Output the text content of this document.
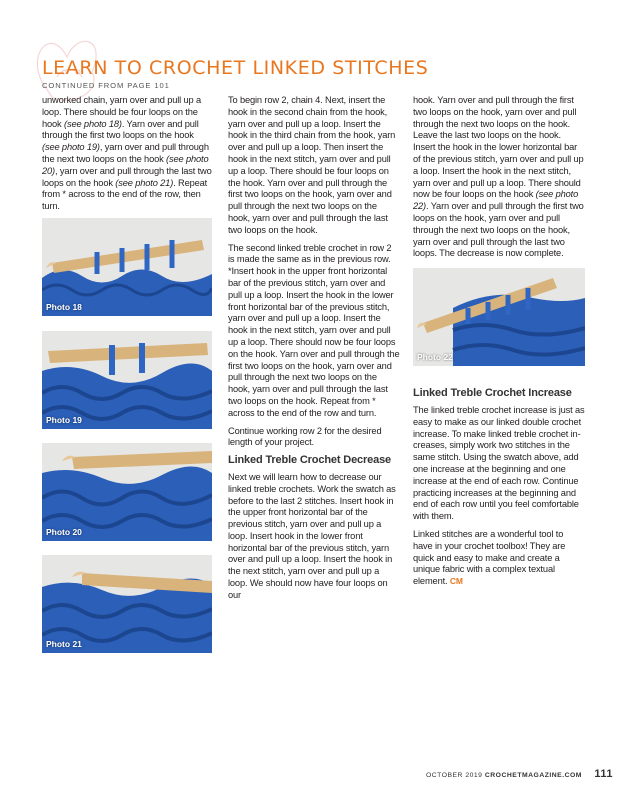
LEARN TO CROCHET LINKED STITCHES
CONTINUED FROM PAGE 101

unworked chain, yarn over and pull up a loop. There should be four loops on the hook (see photo 18). Yarn over and pull through the first two loops on the hook (see photo 19), yarn over and pull through the next two loops on the hook (see photo 20), yarn over and pull through the last two loops on the hook (see photo 21). Repeat from * across to the end of the row, then turn.

To begin row 2, chain 4. Next, insert the hook in the second chain from the hook, yarn over and pull up a loop. Insert the hook in the third chain from the hook, yarn over and pull up a loop. Then insert the hook in the next stitch, yarn over and pull up a loop. There should be four loops on the hook. Yarn over and pull through the first two loops on the hook, yarn over and pull through the next two loops on the hook, yarn over and pull through the last two loops on the hook.

The second linked treble crochet in row 2 is made the same as in the previous row. *Insert hook in the upper front horizontal bar of the previous stitch, yarn over and pull up a loop. Insert the hook in the lower front horizontal bar of the previous stitch, yarn over and pull up a loop. Insert the hook in the next stitch, yarn over and pull up a loop. There should now be four loops on the hook. Yarn over and pull through the first two loops on the hook, yarn over and pull through the next two loops on the hook, yarn over and pull through the last two loops on the hook. Repeat from * across to the end of the row and turn.

Continue working row 2 for the desired length of your project.

Linked Treble Crochet Decrease

Next we will learn how to decrease our linked treble crochets. Work the swatch as before to the last 2 stitches. Insert hook in the upper front horizontal bar of the previous stitch, yarn over and pull up a loop. Insert hook in the lower front horizontal bar of the previous stitch, yarn over and pull up a loop. Insert the hook in the next stitch, yarn over and pull up a loop. We should now have four loops on our

hook. Yarn over and pull through the first two loops on the hook, yarn over and pull through the next two loops on the hook. Leave the last two loops on the hook. Insert the hook in the lower horizontal bar of the previous stitch, yarn over and pull up a loop. Insert the hook in the next stitch, yarn over and pull up a loop. There should now be four loops on the hook (see photo 22). Yarn over and pull through the first two loops on the hook, yarn over and pull through the next two loops on the hook, yarn over and pull through the last two loops. The decrease is now complete.

Linked Treble Crochet Increase

The linked treble crochet increase is just as easy to make as our linked double crochet increase. To make linked treble crochet increases, simply work two stitches in the same stitch. Using the swatch above, add one increase at the beginning and one increase at the end of each row. Continue practicing increases at the beginning and end of each row until you feel comfortable with them.

Linked stitches are a wonderful tool to have in your crochet toolbox! They are quick and easy to make and create a unique fabric with a complex textual element. CM

Photo 18
Photo 19
Photo 20
Photo 21
Photo 22
OCTOBER 2019 CROCHETMAGAZINE.COM 111
